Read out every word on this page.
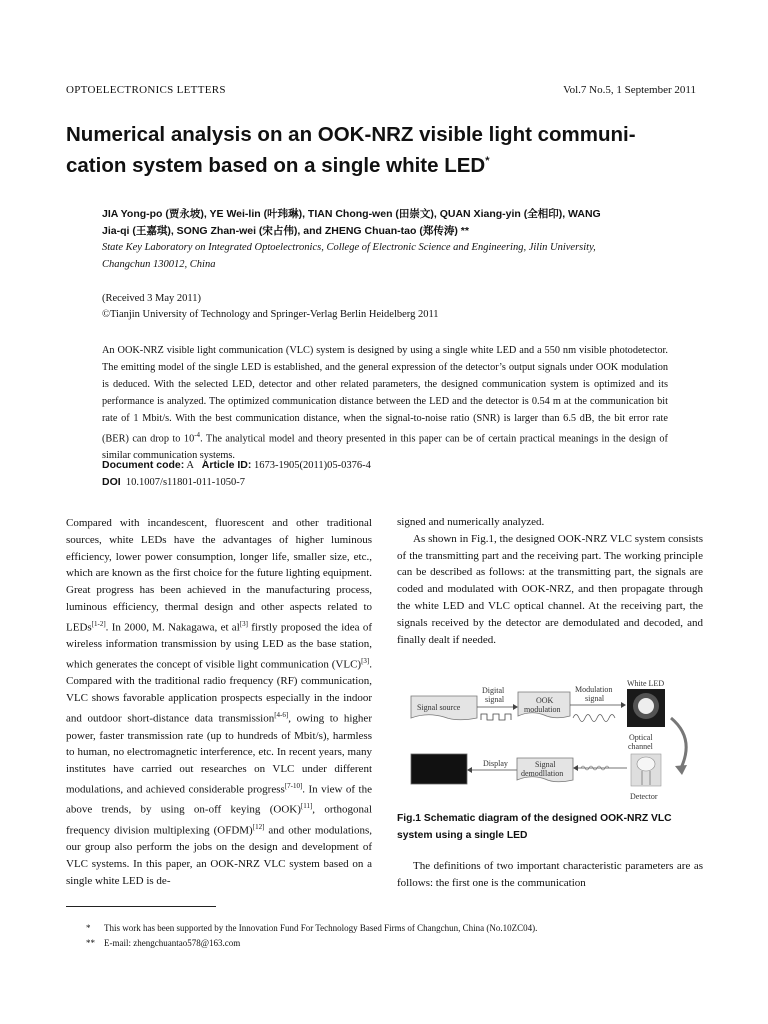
OPTOELECTRONICS LETTERS	Vol.7 No.5, 1 September 2011
Numerical analysis on an OOK-NRZ visible light communi-
cation system based on a single white LED*
JIA Yong-po (贾永坡), YE Wei-lin (叶玮琳), TIAN Chong-wen (田崇文), QUAN Xiang-yin (全相印), WANG
Jia-qi (王嘉琪), SONG Zhan-wei (宋占伟), and ZHENG Chuan-tao (郑传涛) **
State Key Laboratory on Integrated Optoelectronics, College of Electronic Science and Engineering, Jilin University,
Changchun 130012, China
(Received 3 May 2011)
©Tianjin University of Technology and Springer-Verlag Berlin Heidelberg 2011
An OOK-NRZ visible light communication (VLC) system is designed by using a single white LED and a 550 nm visible photodetector. The emitting model of the single LED is established, and the general expression of the detector’s output signals under OOK modulation is deduced. With the selected LED, detector and other related parameters, the designed communication system is optimized and its performance is analyzed. The optimized communication distance between the LED and the detector is 0.54 m at the communication bit rate of 1 Mbit/s. With the best communication distance, when the signal-to-noise ratio (SNR) is larger than 6.5 dB, the bit error rate (BER) can drop to $10^{-4}$. The analytical model and theory presented in this paper can be of certain practical meanings in the design of similar communication systems.
Document code: A Article ID: 1673-1905(2011)05-0376-4
DOI 10.1007/s11801-011-1050-7

Compared with incandescent, fluorescent and other traditional sources, white LEDs have the advantages of higher luminous efficiency, lower power consumption, longer life, smaller size, etc., which are known as the first choice for the future lighting equipment. Great progress has been achieved in the manufacturing process, luminous efficiency, thermal design and other aspects related to LEDs[1-2]. In 2000, M. Nakagawa, et al[3] firstly proposed the idea of wireless information transmission by using LED as the base station, which generates the concept of visible light communication (VLC)[3]. Compared with the traditional radio frequency (RF) communication, VLC shows favorable application prospects especially in the indoor and outdoor short-distance data transmission[4-6], owing to higher power, faster transmission rate (up to hundreds of Mbit/s), harmless to human, no electromagnetic interference, etc. In recent years, many institutes have carried out researches on VLC under different modulations, and achieved considerable progress[7-10]. In view of the above trends, by using on-off keying (OOK)[11], orthogonal frequency division multiplexing (OFDM)[12] and other modulations, our group also perform the jobs on the design and development of VLC systems. In this paper, an OOK-NRZ VLC system based on a single white LED is de-

signed and numerically analyzed.

As shown in Fig.1, the designed OOK-NRZ VLC system consists of the transmitting part and the receiving part. The working principle can be described as follows: at the transmitting part, the signals are coded and modulated with OOK-NRZ, and then propagate through the white LED and VLC optical channel. At the receiving part, the signals received by the detector are demodulated and decoded, and finally dealt if needed.

Signal source
Digital
signal	OOK
modulation
Modulation
signal
White LED
Optical
channel
Display	Signal
demodllation
Detector
Fig.1 Schematic diagram of the designed OOK-NRZ VLC
system using a single LED

The definitions of two important characteristic parameters are as follows: the first one is the communication

* This work has been supported by the Innovation Fund For Technology Based Firms of Changchun, China (No.10ZC04).
** E-mail: zhengchuantao578@163.com
